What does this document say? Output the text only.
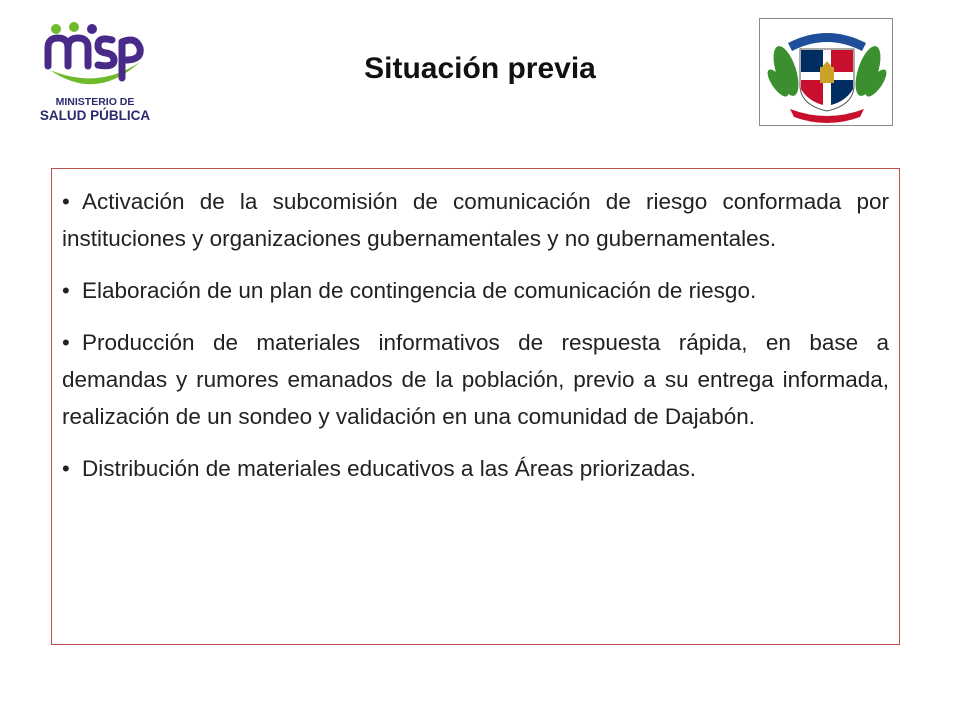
MINISTERIO DE
SALUD PÚBLICA
Situación previa
• Activación de la subcomisión de comunicación de riesgo conformada por instituciones y organizaciones gubernamentales y no gubernamentales.
• Elaboración de un plan de contingencia de comunicación de riesgo.
• Producción de materiales informativos de respuesta rápida, en base a demandas y rumores emanados de la población, previo a su entrega informada, realización de un sondeo y validación en una comunidad de Dajabón.
• Distribución de materiales educativos a las Áreas priorizadas.
